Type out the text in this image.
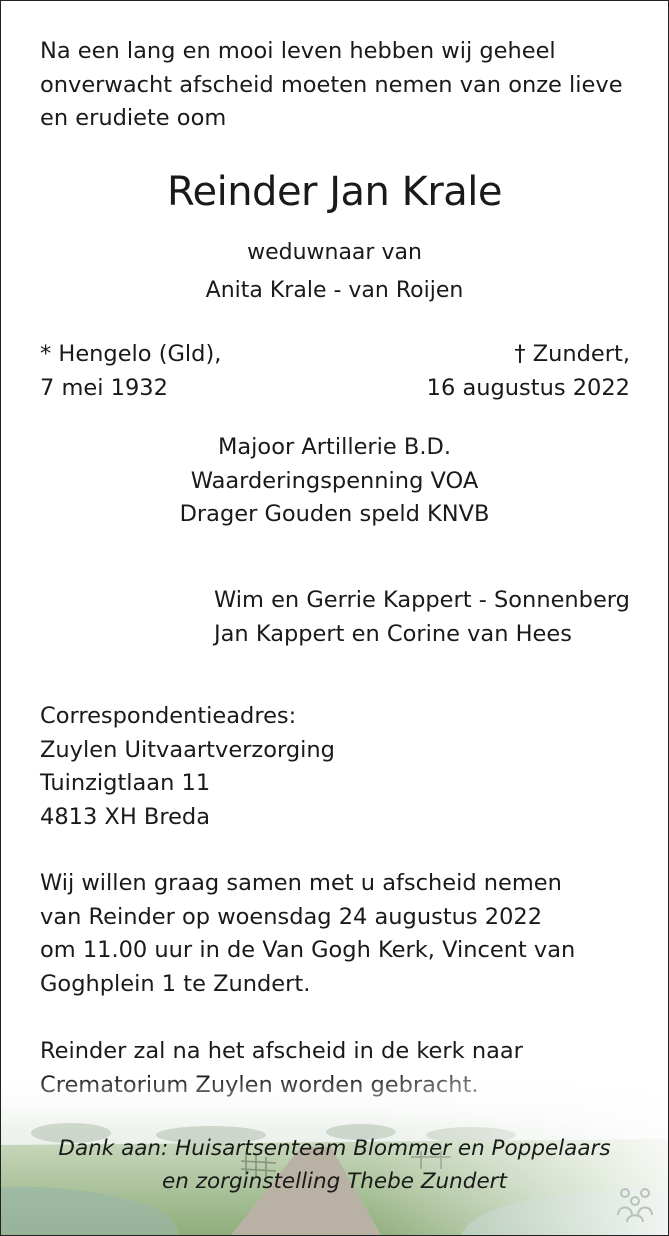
Na een lang en mooi leven hebben wij geheel
onverwacht afscheid moeten nemen van onze lieve
en erudiete oom
Reinder Jan Krale
weduwnaar van
Anita Krale - van Roijen
* Hengelo (Gld),
7 mei 1932
† Zundert,
16 augustus 2022
Majoor Artillerie B.D.
Waarderingspenning VOA
Drager Gouden speld KNVB
Wim en Gerrie Kappert - Sonnenberg
Jan Kappert en Corine van Hees
Correspondentieadres:
Zuylen Uitvaartverzorging
Tuinzigtlaan 11
4813 XH Breda
Wij willen graag samen met u afscheid nemen
van Reinder op woensdag 24 augustus 2022
om 11.00 uur in de Van Gogh Kerk, Vincent van
Goghplein 1 te Zundert.
Reinder zal na het afscheid in de kerk naar
Dank aan: Huisartsenteam Blommer en Poppelaars
en zorginstelling Thebe Zundert
